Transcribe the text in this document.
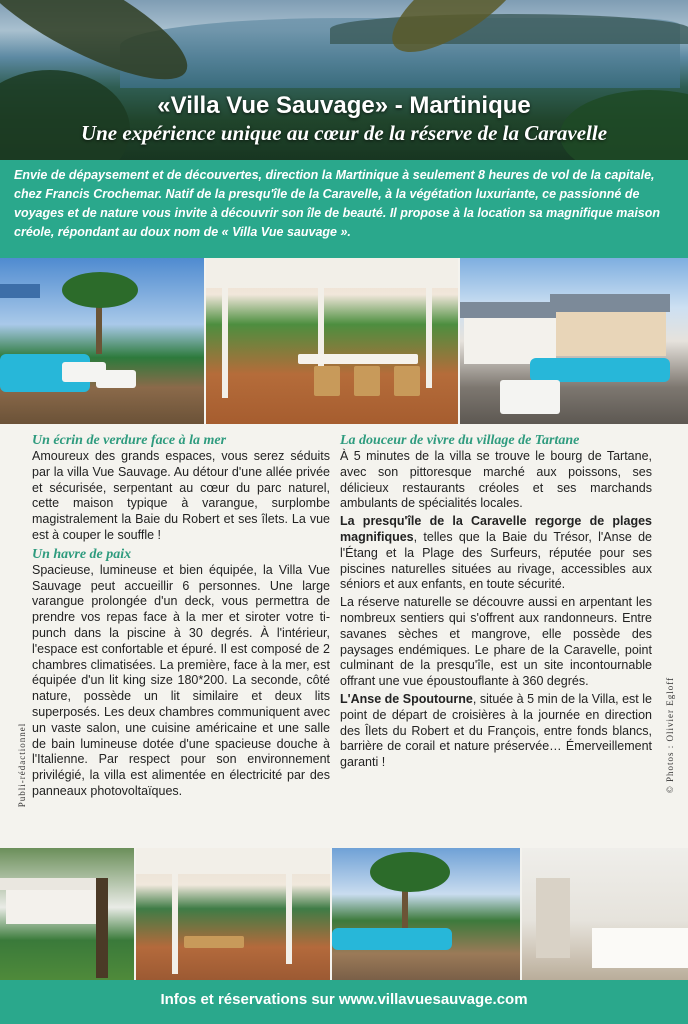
«Villa Vue Sauvage» - Martinique
Une expérience unique au cœur de la réserve de la Caravelle
Envie de dépaysement et de découvertes, direction la Martinique à seulement 8 heures de vol de la capitale, chez Francis Crochemar. Natif de la presqu'île de la Caravelle, à la végétation luxuriante, ce passionné de voyages et de nature vous invite à découvrir son île de beauté. Il propose à la location sa magnifique maison créole, répondant au doux nom de « Villa Vue sauvage ».
Un écrin de verdure face à la mer

Amoureux des grands espaces, vous serez séduits par la villa Vue Sauvage. Au détour d'une allée privée et sécurisée, serpentant au cœur du parc naturel, cette maison typique à varangue, surplombe magistralement la Baie du Robert et ses îlets. La vue est à couper le souffle !

Un havre de paix

Spacieuse, lumineuse et bien équipée, la Villa Vue Sauvage peut accueillir 6 personnes. Une large varangue prolongée d'un deck, vous permettra de prendre vos repas face à la mer et siroter votre ti-punch dans la piscine à 30 degrés. À l'intérieur, l'espace est confortable et épuré. Il est composé de 2 chambres climatisées. La première, face à la mer, est équipée d'un lit king size 180*200. La seconde, côté nature, possède un lit similaire et deux lits superposés. Les deux chambres communiquent avec un vaste salon, une cuisine américaine et une salle de bain lumineuse dotée d'une spacieuse douche à l'Italienne. Par respect pour son environnement privilégié, la villa est alimentée en électricité par des panneaux photovoltaïques.

La douceur de vivre du village de Tartane

À 5 minutes de la villa se trouve le bourg de Tartane, avec son pittoresque marché aux poissons, ses délicieux restaurants créoles et ses marchands ambulants de spécialités locales.

La presqu'île de la Caravelle regorge de plages magnifiques, telles que la Baie du Trésor, l'Anse de l'Étang et la Plage des Surfeurs, réputée pour ses piscines naturelles situées au rivage, accessibles aux séniors et aux enfants, en toute sécurité.

La réserve naturelle se découvre aussi en arpentant les nombreux sentiers qui s'offrent aux randonneurs. Entre savanes sèches et mangrove, elle possède des paysages endémiques. Le phare de la Caravelle, point culminant de la presqu'île, est un site incontournable offrant une vue époustouflante à 360 degrés.

L'Anse de Spoutourne, située à 5 min de la Villa, est le point de départ de croisières à la journée en direction des Îlets du Robert et du François, entre fonds blancs, barrière de corail et nature préservée… Émerveillement garanti !

Publi-rédactionnel	© Photos : Olivier Egloff
Infos et réservations sur www.villavuesauvage.com
